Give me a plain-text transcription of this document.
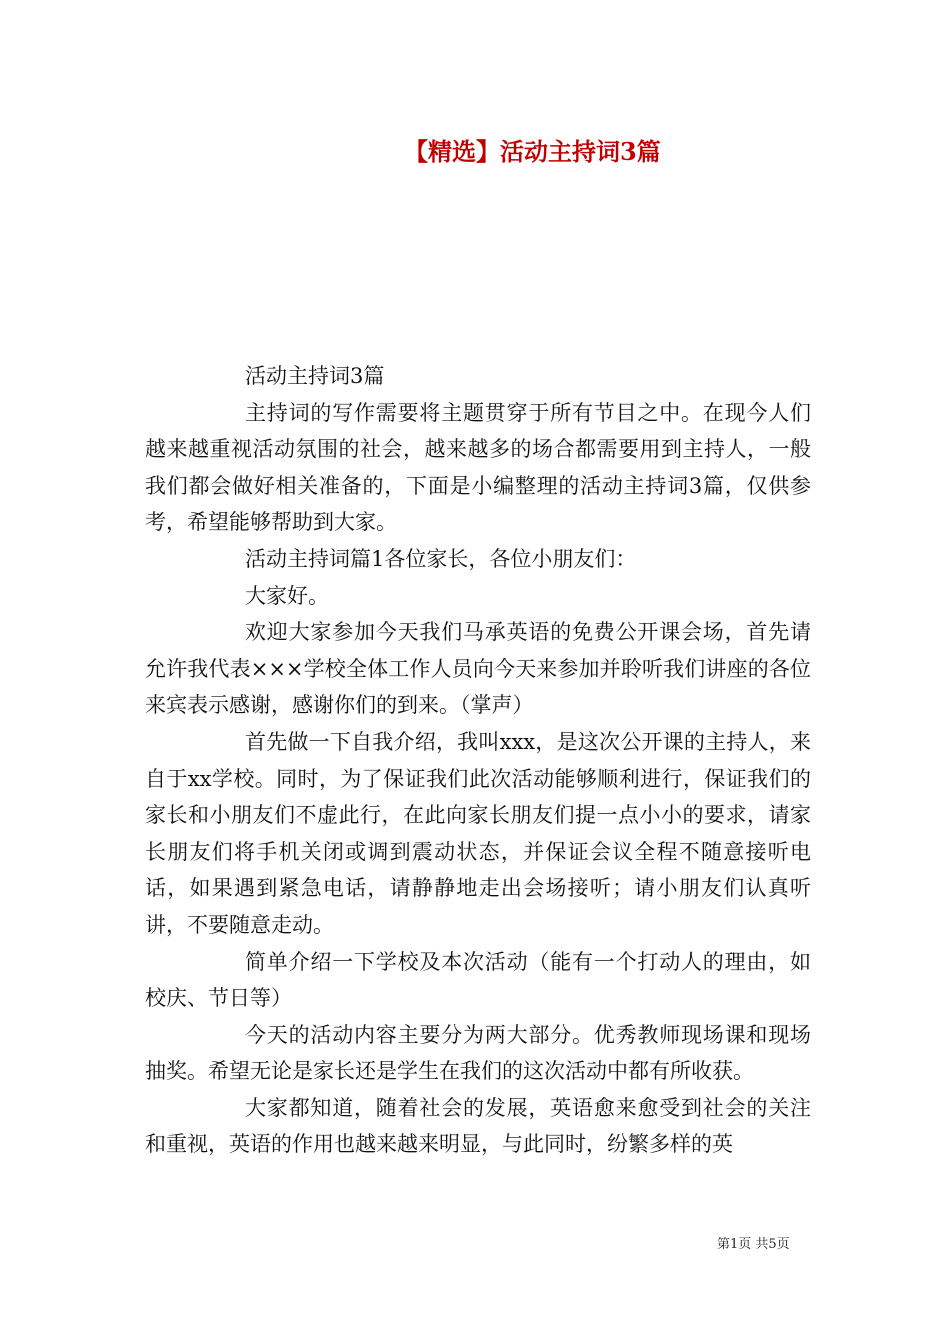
【精选】活动主持词3篇

活动主持词3篇

主持词的写作需要将主题贯穿于所有节目之中。在现今人们越来越重视活动氛围的社会，越来越多的场合都需要用到主持人，一般我们都会做好相关准备的，下面是小编整理的活动主持词3篇，仅供参考，希望能够帮助到大家。

活动主持词篇1各位家长，各位小朋友们：

大家好。

欢迎大家参加今天我们马承英语的免费公开课会场，首先请允许我代表×××学校全体工作人员向今天来参加并聆听我们讲座的各位来宾表示感谢，感谢你们的到来。（掌声）

首先做一下自我介绍，我叫xxx，是这次公开课的主持人，来自于xx学校。同时，为了保证我们此次活动能够顺利进行，保证我们的家长和小朋友们不虚此行，在此向家长朋友们提一点小小的要求，请家长朋友们将手机关闭或调到震动状态，并保证会议全程不随意接听电话，如果遇到紧急电话，请静静地走出会场接听；请小朋友们认真听讲，不要随意走动。

简单介绍一下学校及本次活动（能有一个打动人的理由，如校庆、节日等）

今天的活动内容主要分为两大部分。优秀教师现场课和现场抽奖。希望无论是家长还是学生在我们的这次活动中都有所收获。

大家都知道，随着社会的发展，英语愈来愈受到社会的关注和重视，英语的作用也越来越来明显，与此同时，纷繁多样的英

第1页 共5页
